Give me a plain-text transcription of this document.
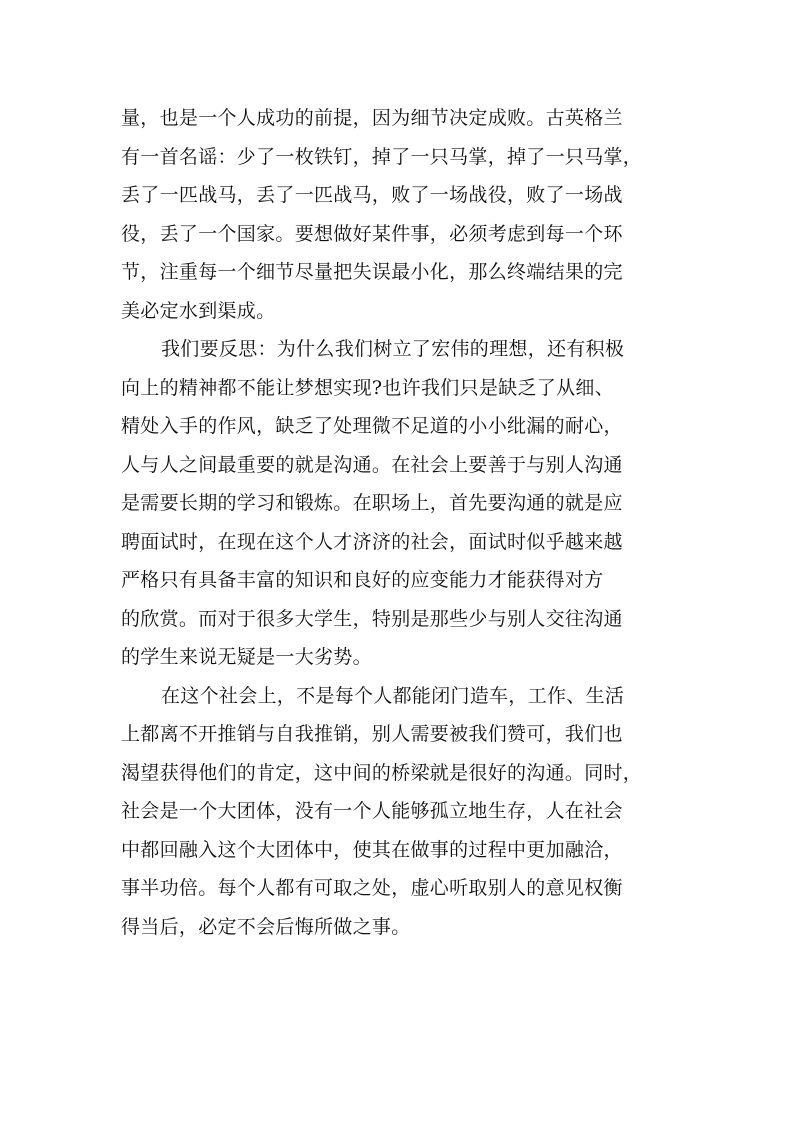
量，也是一个人成功的前提，因为细节决定成败。古英格兰
有一首名谣：少了一枚铁钉，掉了一只马掌，掉了一只马掌，
丢了一匹战马，丢了一匹战马，败了一场战役，败了一场战
役，丢了一个国家。要想做好某件事，必须考虑到每一个环
节，注重每一个细节尽量把失误最小化，那么终端结果的完
美必定水到渠成。
我们要反思：为什么我们树立了宏伟的理想，还有积极
向上的精神都不能让梦想实现?也许我们只是缺乏了从细、
精处入手的作风，缺乏了处理微不足道的小小纰漏的耐心，
人与人之间最重要的就是沟通。在社会上要善于与别人沟通
是需要长期的学习和锻炼。在职场上，首先要沟通的就是应
聘面试时，在现在这个人才济济的社会，面试时似乎越来越
严格只有具备丰富的知识和良好的应变能力才能获得对方
的欣赏。而对于很多大学生，特别是那些少与别人交往沟通
的学生来说无疑是一大劣势。
在这个社会上，不是每个人都能闭门造车，工作、生活
上都离不开推销与自我推销，别人需要被我们赞可，我们也
渴望获得他们的肯定，这中间的桥梁就是很好的沟通。同时，
社会是一个大团体，没有一个人能够孤立地生存，人在社会
中都回融入这个大团体中，使其在做事的过程中更加融洽，
事半功倍。每个人都有可取之处，虚心听取别人的意见权衡
得当后，必定不会后悔所做之事。
